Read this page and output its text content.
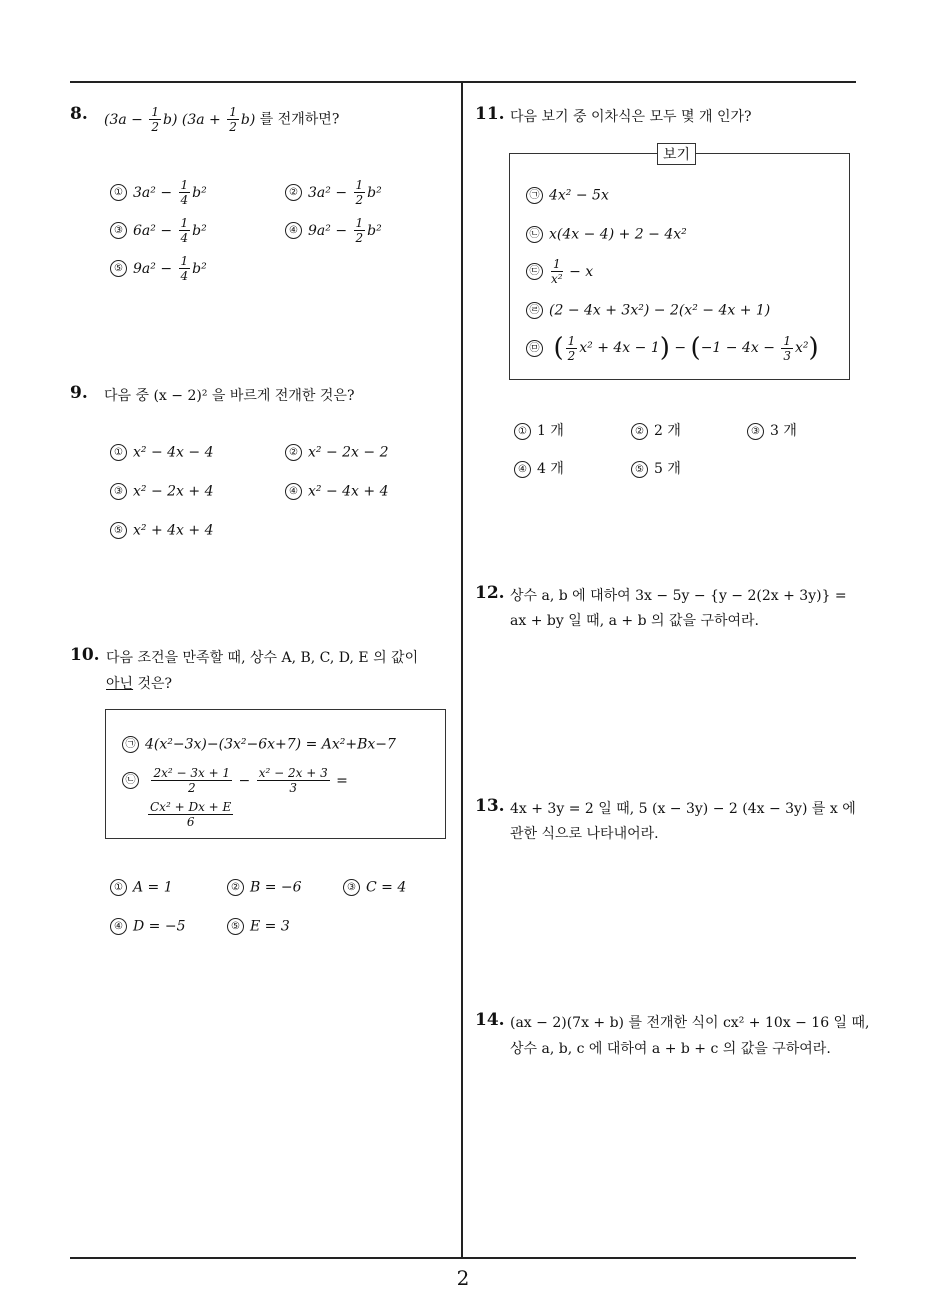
2
8. $(3a - \frac{1}{2} b)$ $(3a + \frac{1}{2} b)$ 를 전개하면?
① $3a^2 - \frac{1}{4} b^2$	② $3a^2 - \frac{1}{2} b^2$
③ $6a^2 - \frac{1}{4} b^2$	④ $9a^2 - \frac{1}{2} b^2$
⑤ $9a^2 - \frac{1}{4} b^2$
9. 다음 중 (x − 2)² 을 바르게 전개한 것은?
① x² − 4x − 4	② x² − 2x − 2
③ x² − 2x + 4	④ x² − 4x + 4
⑤ x² + 4x + 4
10. 다음 조건을 만족할 때, 상수 A, B, C, D, E 의 값이
아닌 것은?
㉠ 4(x²−3x)−(3x²−6x+7) = Ax²+Bx−7
㉡ $\frac{\text{2x² − 3x + 1}}{2} - \frac{\text{x² − 2x + 3}}{3}$ =
$\frac{\text{Cx² + Dx + E}}{6}$
① A = 1	② B = −6	③ C = 4
④ D = −5	⑤ E = 3
11. 다음 보기 중 이차식은 모두 몇 개 인가?
보기
㉠ 4x² − 5x
㉡ x(4x − 4) + 2 − 4x²
㉢ $\frac{1}{\text{x²}} - x$
㉣ (2 − 4x + 3x²) − 2(x² − 4x + 1)
㉤ ( $\frac{1}{2} x^2 + 4x - 1) - (-1 - 4x - \frac{1}{3} x^2)$
① 1 개	② 2 개	③ 3 개
④ 4 개	⑤ 5 개
12. 상수 a, b 에 대하여 3x − 5y − {y − 2(2x + 3y)} =
ax + by 일 때, a + b 의 값을 구하여라.
13. 4x + 3y = 2 일 때, 5 (x − 3y) − 2 (4x − 3y) 를 x 에
관한 식으로 나타내어라.
14. (ax − 2)(7x + b) 를 전개한 식이 cx² + 10x − 16 일 때,
상수 a, b, c 에 대하여 a + b + c 의 값을 구하여라.
